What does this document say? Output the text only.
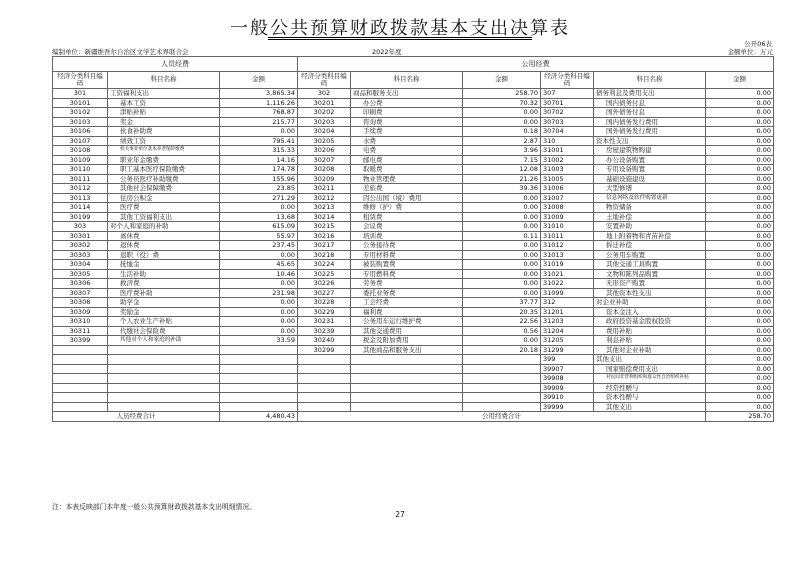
一般公共预算财政拨款基本支出决算表
公开06表
编制单位：新疆维吾尔自治区文学艺术界联合会	2022年度	金额单位：万元
人员经费			公用经费					
经济分类科目编码	科目名称	金额	经济分类科目编码	科目名称	金额	经济分类科目编码	科目名称	金额
301	工资福利支出	3,865.34	302	商品和服务支出	258.70	307	债务利息及费用支出	0.00
30101	基本工资	1,116.26	30201	办公费	70.32	30701	国内债务付息	0.00
30102	津贴补贴	768.87	30202	印刷费	0.00	30702	国外债务付息	0.00
30103	奖金	215.77	30203	咨询费	0.00	30703	国内债务发行费用	0.00
30106	伙食补助费	0.00	30204	手续费	0.18	30704	国外债务发行费用	0.00
30107	绩效工资	795.41	30205	水费	2.87	310	资本性支出	0.00
30108	机关事业单位基本养老保险缴费	315.33	30206	电费	3.96	31001	房屋建筑物购建	0.00
30109	职业年金缴费	14.16	30207	邮电费	7.15	31002	办公设备购置	0.00
30110	职工基本医疗保险缴费	174.78	30208	取暖费	12.08	31003	专用设备购置	0.00
30111	公务员医疗补助缴费	155.96	30209	物业管理费	21.26	31005	基础设施建设	0.00
30112	其他社会保障缴费	23.85	30211	差旅费	39.36	31006	大型修缮	0.00
30113	住房公积金	271.29	30212	因公出国（境）费用	0.00	31007	信息网络及软件购置更新	0.00
30114	医疗费	0.00	30213	维修（护）费	0.00	31008	物资储备	0.00
30199	其他工资福利支出	13.68	30214	租赁费	0.00	31009	土地补偿	0.00
303	对个人和家庭的补助	615.09	30215	会议费	0.00	31010	安置补助	0.00
30301	离休费	55.97	30216	培训费	0.11	31011	地上附着物和青苗补偿	0.00
30302	退休费	237.45	30217	公务接待费	0.00	31012	拆迁补偿	0.00
30303	退职（役）费	0.00	30218	专用材料费	0.00	31013	公务用车购置	0.00
30304	抚恤金	45.65	30224	被装购置费	0.00	31019	其他交通工具购置	0.00
30305	生活补助	10.46	30225	专用燃料费	0.00	31021	文物和陈列品购置	0.00
30306	救济费	0.00	30226	劳务费	0.00	31022	无形资产购置	0.00
30307	医疗费补助	231.98	30227	委托业务费	0.00	31099	其他资本性支出	0.00
30308	助学金	0.00	30228	工会经费	37.77	312	对企业补助	0.00
30309	奖励金	0.00	30229	福利费	20.35	31201	资本金注入	0.00
30310	个人农业生产补贴	0.00	30231	公务用车运行维护费	22.56	31203	政府投资基金股权投资	0.00
30311	代缴社会保险费	0.00	30239	其他交通费用	0.56	31204	费用补贴	0.00
30399	其他对个人和家庭的补助	33.59	30240	税金及附加费用	0.00	31205	利息补贴	0.00
			30299	其他商品和服务支出	20.18	31299	其他对企业补助	0.00
						399	其他支出	0.00
						39907	国家赔偿费用支出	0.00
						39908	对民间非营利组织和群众性自治组织补贴	0.00
						39909	经常性赠与	0.00
						39910	资本性赠与	0.00
						39999	其他支出	0.00
人员经费合计		4,480.43	公用经费合计					258.70
注：本表反映部门本年度一般公共预算财政拨款基本支出明细情况。
27
